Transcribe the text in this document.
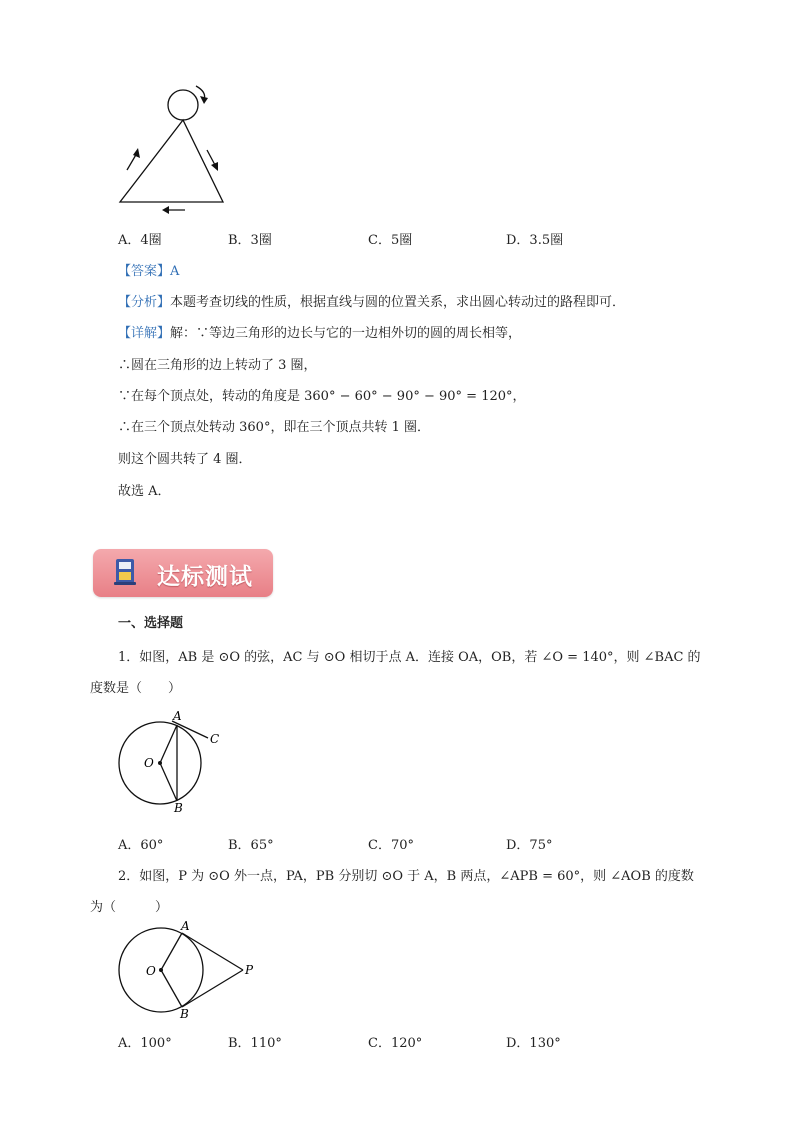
A．4圈	B．3圈	C．5圈	D．3.5圈
【答案】A
【分析】本题考查切线的性质，根据直线与圆的位置关系，求出圆心转动过的路程即可．
【详解】解：∵等边三角形的边长与它的一边相外切的圆的周长相等，
∴圆在三角形的边上转动了 3 圈，
∵在每个顶点处，转动的角度是 360° − 60° − 90° − 90° = 120°，
∴在三个顶点处转动 360°，即在三个顶点共转 1 圈．
则这个圆共转了 4 圈．
故选 A．
达标测试
一、选择题
1．如图，AB 是 ⊙O 的弦，AC 与 ⊙O 相切于点 A．连接 OA，OB，若 ∠O = 140°，则 ∠BAC 的
度数是（　　）
A
C
O
B
A．60°	B．65°	C．70°	D．75°
2．如图，P 为 ⊙O 外一点，PA，PB 分别切 ⊙O 于 A，B 两点，∠APB = 60°，则 ∠AOB 的度数
为（　　　）
A
O	P
B
A．100°	B．110°	C．120°	D．130°
